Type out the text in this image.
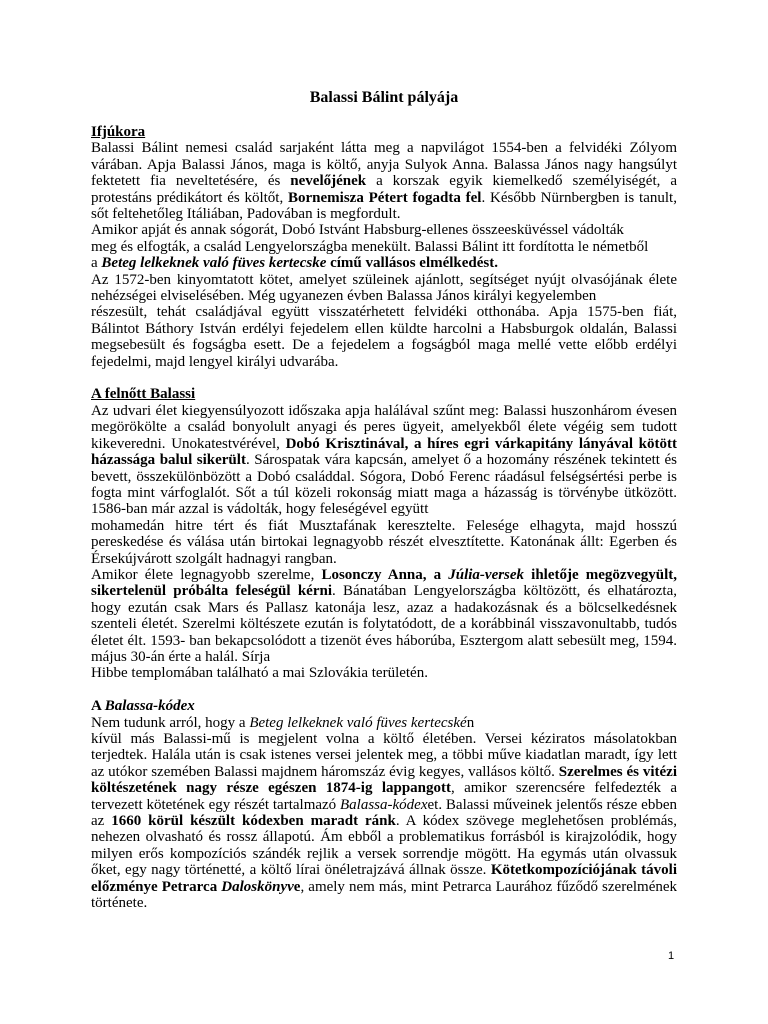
Balassi Bálint pályája

Ifjúkora

Balassi Bálint nemesi család sarjaként látta meg a napvilágot 1554-ben a felvidéki Zólyom várában. Apja Balassi János, maga is költő, anyja Sulyok Anna. Balassa János nagy hangsúlyt fektetett fia neveltetésére, és nevelőjének a korszak egyik kiemelkedő személyiségét, a protestáns prédikátort és költőt, Bornemisza Pétert fogadta fel. Később Nürnbergben is tanult, sőt feltehetőleg Itáliában, Padovában is megfordult.

Amikor apját és annak sógorát, Dobó Istvánt Habsburg-ellenes összeesküvéssel vádolták

meg és elfogták, a család Lengyelországba menekült. Balassi Bálint itt fordította le németből

a Beteg lelkeknek való füves kertecske című vallásos elmélkedést.

Az 1572-ben kinyomtatott kötet, amelyet szüleinek ajánlott, segítséget nyújt olvasójának élete nehézségei elviselésében. Még ugyanezen évben Balassa János királyi kegyelemben

részesült, tehát családjával együtt visszatérhetett felvidéki otthonába. Apja 1575-ben fiát, Bálintot Báthory István erdélyi fejedelem ellen küldte harcolni a Habsburgok oldalán, Balassi megsebesült és fogságba esett. De a fejedelem a fogságból maga mellé vette előbb erdélyi fejedelmi, majd lengyel királyi udvarába.

A felnőtt Balassi

Az udvari élet kiegyensúlyozott időszaka apja halálával szűnt meg: Balassi huszonhárom évesen megörökölte a család bonyolult anyagi és peres ügyeit, amelyekből élete végéig sem tudott kikeveredni. Unokatestvérével, Dobó Krisztinával, a híres egri várkapitány lányával kötött házassága balul sikerült. Sárospatak vára kapcsán, amelyet ő a hozomány részének tekintett és bevett, összekülönbözött a Dobó családdal. Sógora, Dobó Ferenc ráadásul felségsértési perbe is fogta mint várfoglalót. Sőt a túl közeli rokonság miatt maga a házasság is törvénybe ütközött. 1586-ban már azzal is vádolták, hogy feleségével együtt

mohamedán hitre tért és fiát Musztafának keresztelte. Felesége elhagyta, majd hosszú pereskedése és válása után birtokai legnagyobb részét elvesztítette. Katonának állt: Egerben és Érsekújvárott szolgált hadnagyi rangban.

Amikor élete legnagyobb szerelme, Losonczy Anna, a Júlia-versek ihletője megözvegyült, sikertelenül próbálta feleségül kérni. Bánatában Lengyelországba költözött, és elhatározta, hogy ezután csak Mars és Pallasz katonája lesz, azaz a hadakozásnak és a bölcselkedésnek szenteli életét. Szerelmi költészete ezután is folytatódott, de a korábbinál visszavonultabb, tudós életet élt. 1593- ban bekapcsolódott a tizenöt éves háborúba, Esztergom alatt sebesült meg, 1594. május 30-án érte a halál. Sírja

Hibbe templomában található a mai Szlovákia területén.

A Balassa-kódex

Nem tudunk arról, hogy a Beteg lelkeknek való füves kertecskén

kívül más Balassi-mű is megjelent volna a költő életében. Versei kéziratos másolatokban terjedtek. Halála után is csak istenes versei jelentek meg, a többi műve kiadatlan maradt, így lett az utókor szemében Balassi majdnem háromszáz évig kegyes, vallásos költő. Szerelmes és vitézi költészetének nagy része egészen 1874-ig lappangott, amikor szerencsére felfedezték a tervezett kötetének egy részét tartalmazó Balassa-kódexet. Balassi műveinek jelentős része ebben az 1660 körül készült kódexben maradt ránk. A kódex szövege meglehetősen problémás, nehezen olvasható és rossz állapotú. Ám ebből a problematikus forrásból is kirajzolódik, hogy milyen erős kompozíciós szándék rejlik a versek sorrendje mögött. Ha egymás után olvassuk őket, egy nagy történetté, a költő lírai önéletrajzává állnak össze. Kötetkompozíciójának távoli előzménye Petrarca Daloskönyve, amely nem más, mint Petrarca Laurához fűződő szerelmének története.

1
